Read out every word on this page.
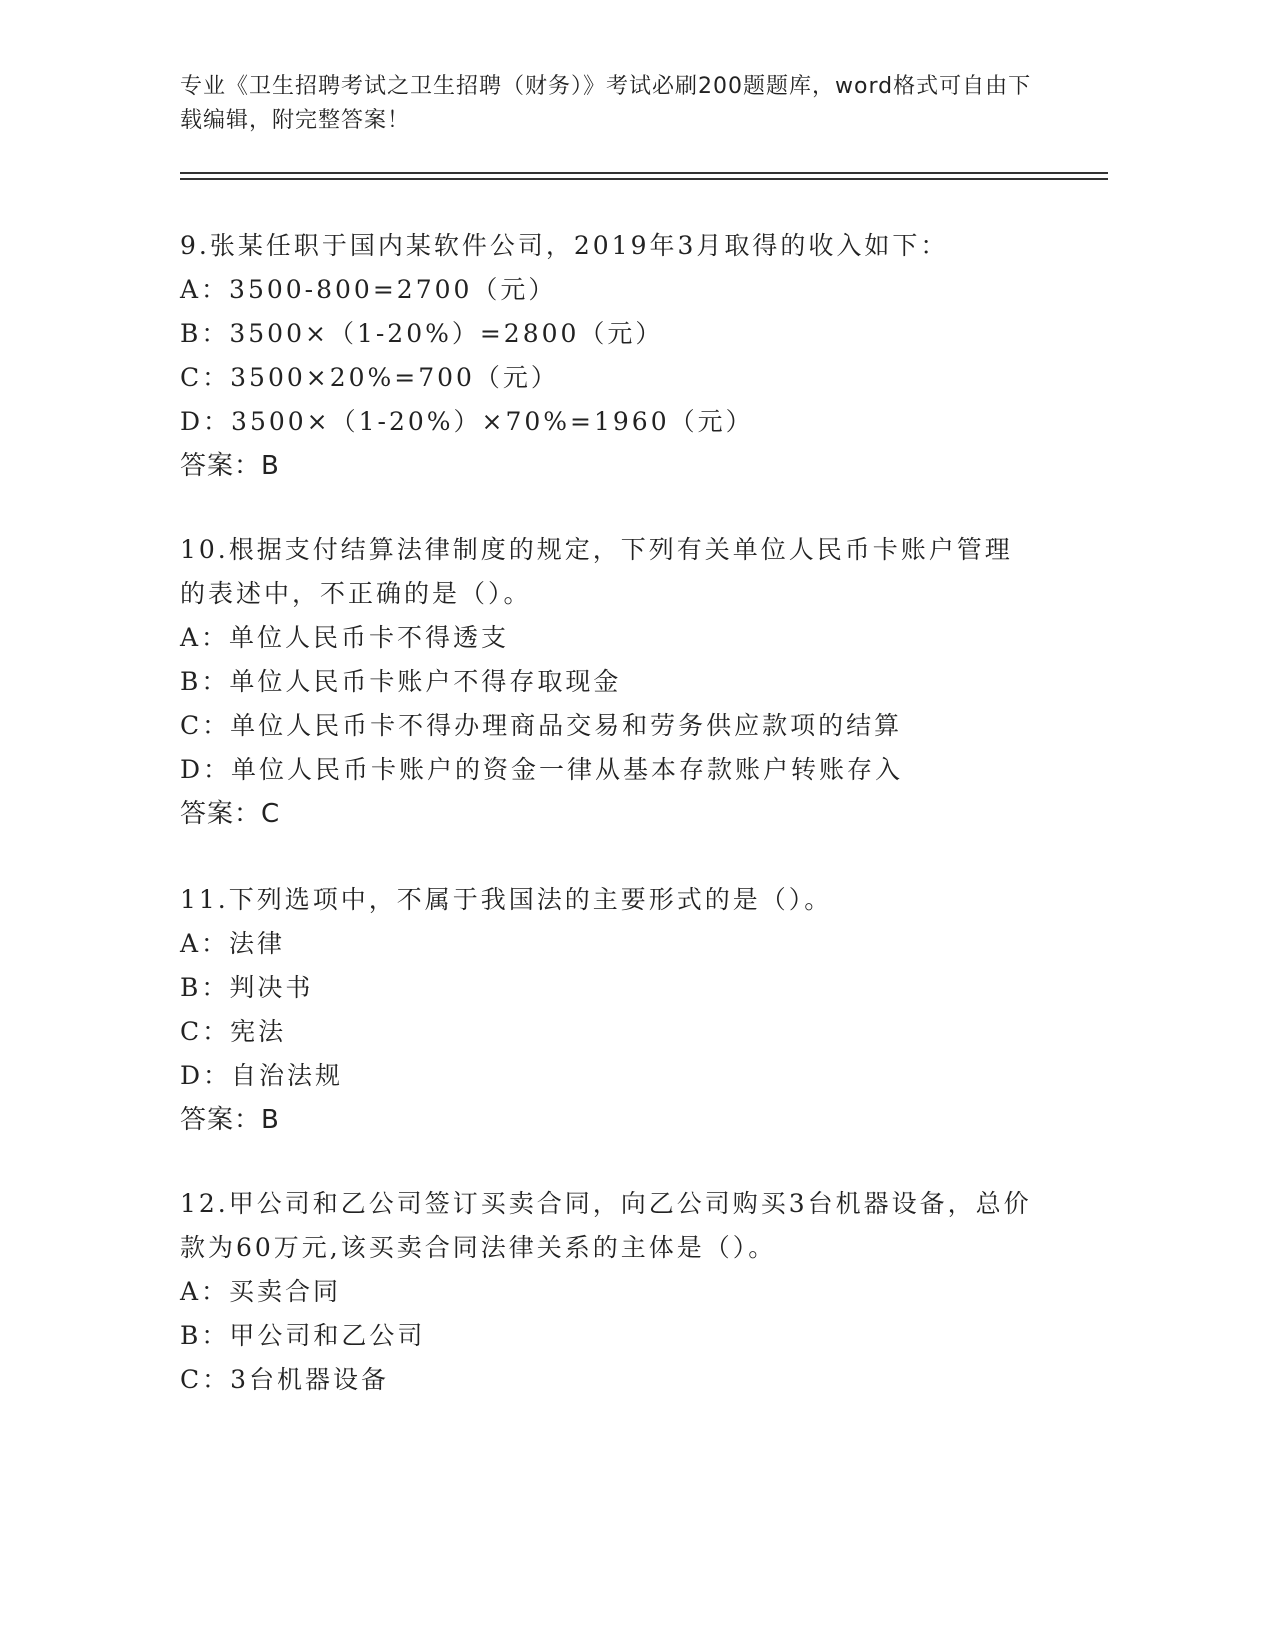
专业《卫生招聘考试之卫生招聘（财务）》考试必刷200题题库，word格式可自由下载编辑，附完整答案！
9.张某任职于国内某软件公司，2019年3月取得的收入如下：
A：3500-800=2700（元）
B：3500×（1-20%）=2800（元）
C：3500×20%=700（元）
D：3500×（1-20%）×70%=1960（元）
答案：B
10.根据支付结算法律制度的规定，下列有关单位人民币卡账户管理的表述中，不正确的是（）。
A：单位人民币卡不得透支
B：单位人民币卡账户不得存取现金
C：单位人民币卡不得办理商品交易和劳务供应款项的结算
D：单位人民币卡账户的资金一律从基本存款账户转账存入
答案：C
11.下列选项中，不属于我国法的主要形式的是（）。
A：法律
B：判决书
C：宪法
D：自治法规
答案：B
12.甲公司和乙公司签订买卖合同，向乙公司购买3台机器设备，总价款为60万元,该买卖合同法律关系的主体是（）。
A：买卖合同
B：甲公司和乙公司
C：3台机器设备
